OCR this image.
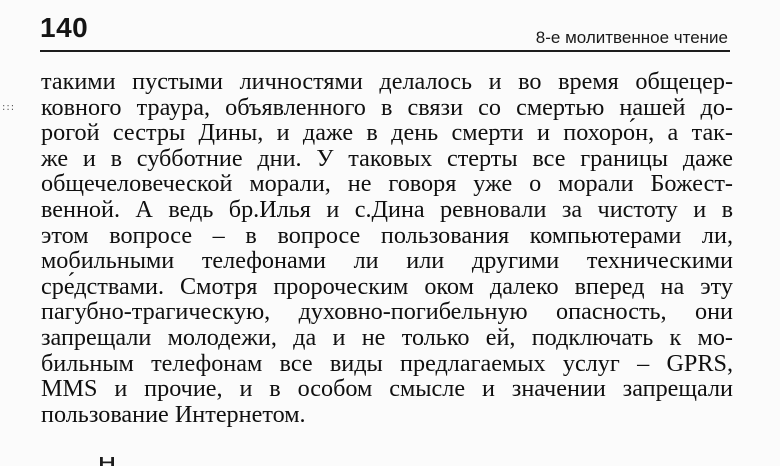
140	8-е молитвенное чтение
:::
такими пустыми личностями делалось и во время общецер-
ковного траура, объявленного в связи со смертью нашей до-
рогой сестры Дины, и даже в день смерти и похоро́н, а так-
же и в субботние дни. У таковых стерты все границы даже
общечеловеческой морали, не говоря уже о морали Божест-
венной. А ведь бр.Илья и с.Дина ревновали за чистоту и в
этом вопросе – в вопросе пользования компьютерами ли,
мобильными телефонами ли или другими техническими
сре́дствами. Смотря пророческим оком далеко вперед на эту
пагубно-трагическую, духовно-погибельную опасность, они
запрещали молодежи, да и не только ей, подключать к мо-
бильным телефонам все виды предлагаемых услуг – GPRS,
MMS и прочие, и в особом смысле и значении запрещали
пользование Интернетом.
